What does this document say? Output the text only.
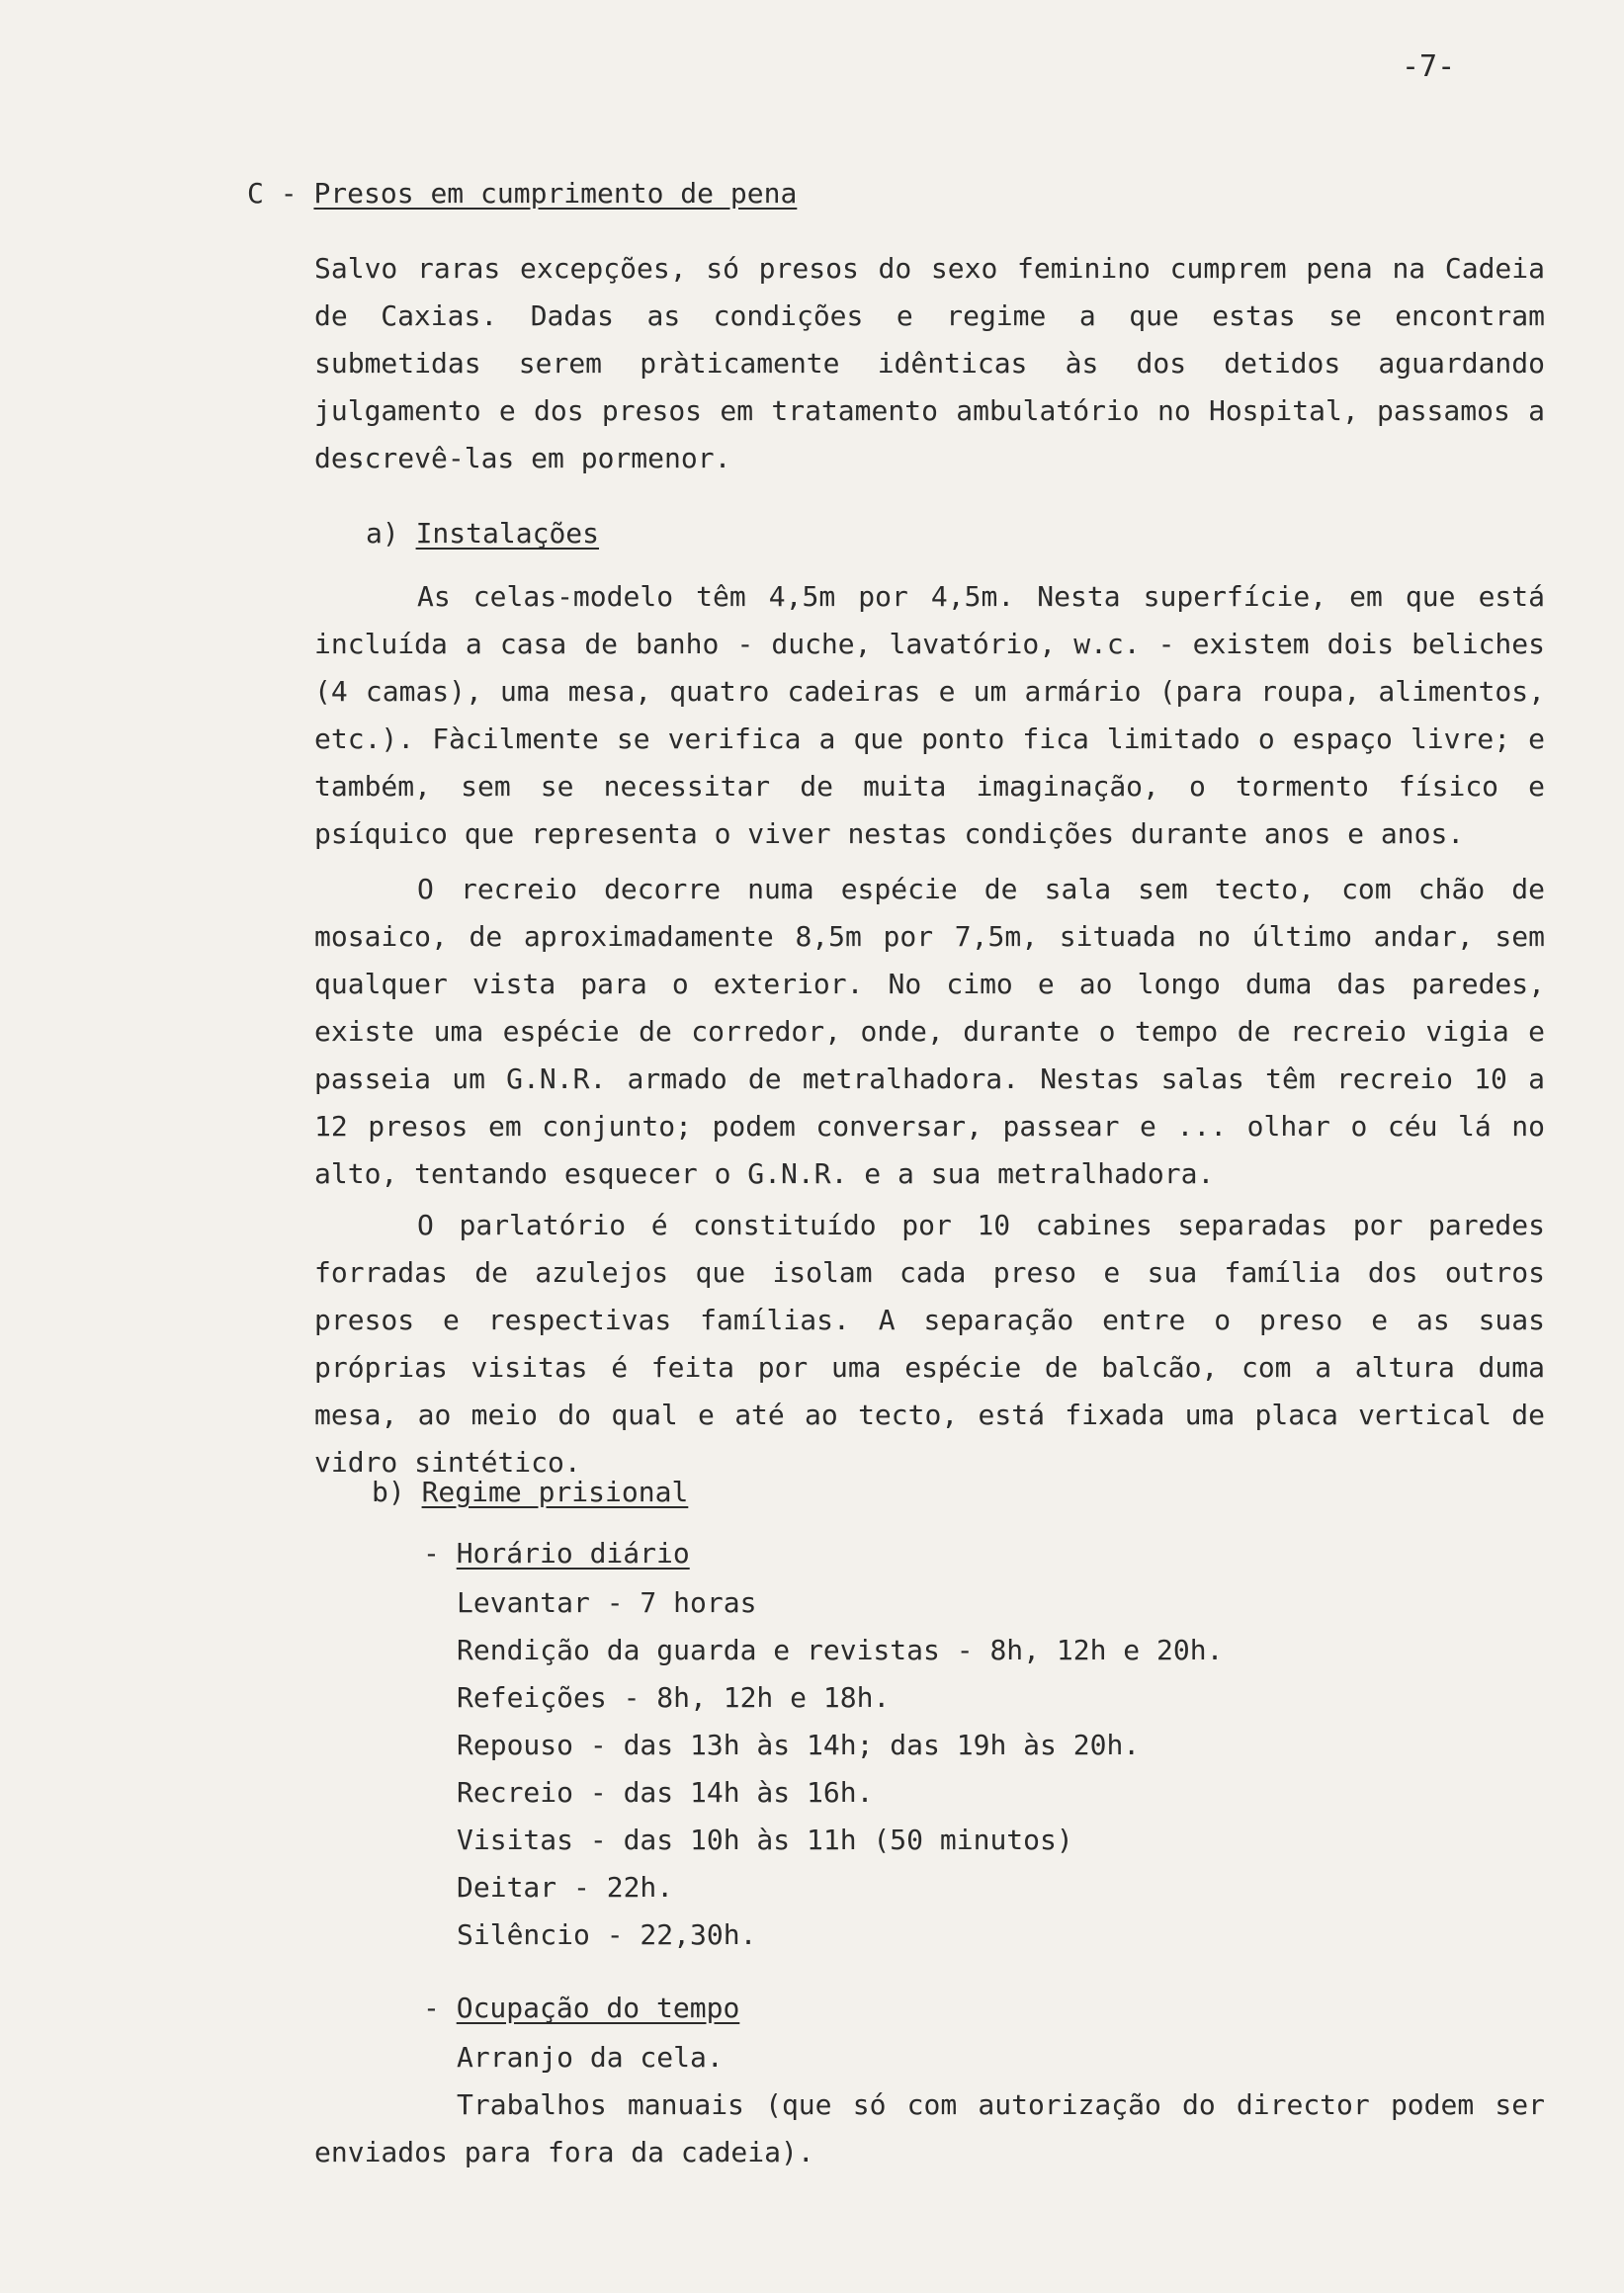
-7-
C - Presos em cumprimento de pena
Salvo raras excepções, só presos do sexo feminino cumprem pena na Cadeia de Caxias. Dadas as condições e regime a que estas se encontram submetidas serem pràticamente idênticas às dos detidos aguardando julgamento e dos presos em tratamento ambulatório no Hospital, passamos a descrevê-las em pormenor.
a) Instalações
As celas-modelo têm 4,5m por 4,5m. Nesta superfície, em que está incluída a casa de banho - duche, lavatório, w.c. - existem dois beliches (4 camas), uma mesa, quatro cadeiras e um armário (para roupa, alimentos, etc.). Fàcilmente se verifica a que ponto fica limitado o espaço livre; e também, sem se necessitar de muita imaginação, o tormento físico e psíquico que representa o viver nestas condições durante anos e anos.
O recreio decorre numa espécie de sala sem tecto, com chão de mosaico, de aproximadamente 8,5m por 7,5m, situada no último andar, sem qualquer vista para o exterior. No cimo e ao longo duma das paredes, existe uma espécie de corredor, onde, durante o tempo de recreio vigia e passeia um G.N.R. armado de metralhadora. Nestas salas têm recreio 10 a 12 presos em conjunto; podem conversar, passear e ... olhar o céu lá no alto, tentando esquecer o G.N.R. e a sua metralhadora.
O parlatório é constituído por 10 cabines separadas por paredes forradas de azulejos que isolam cada preso e sua família dos outros presos e respectivas famílias. A separação entre o preso e as suas próprias visitas é feita por uma espécie de balcão, com a altura duma mesa, ao meio do qual e até ao tecto, está fixada uma placa vertical de vidro sintético.
b) Regime prisional
- Horário diário
Levantar - 7 horas
Rendição da guarda e revistas - 8h, 12h e 20h.
Refeições - 8h, 12h e 18h.
Repouso - das 13h às 14h; das 19h às 20h.
Recreio - das 14h às 16h.
Visitas - das 10h às 11h (50 minutos)
Deitar - 22h.
Silêncio - 22,30h.
- Ocupação do tempo
Arranjo da cela.
Trabalhos manuais (que só com autorização do director podem ser enviados para fora da cadeia).
